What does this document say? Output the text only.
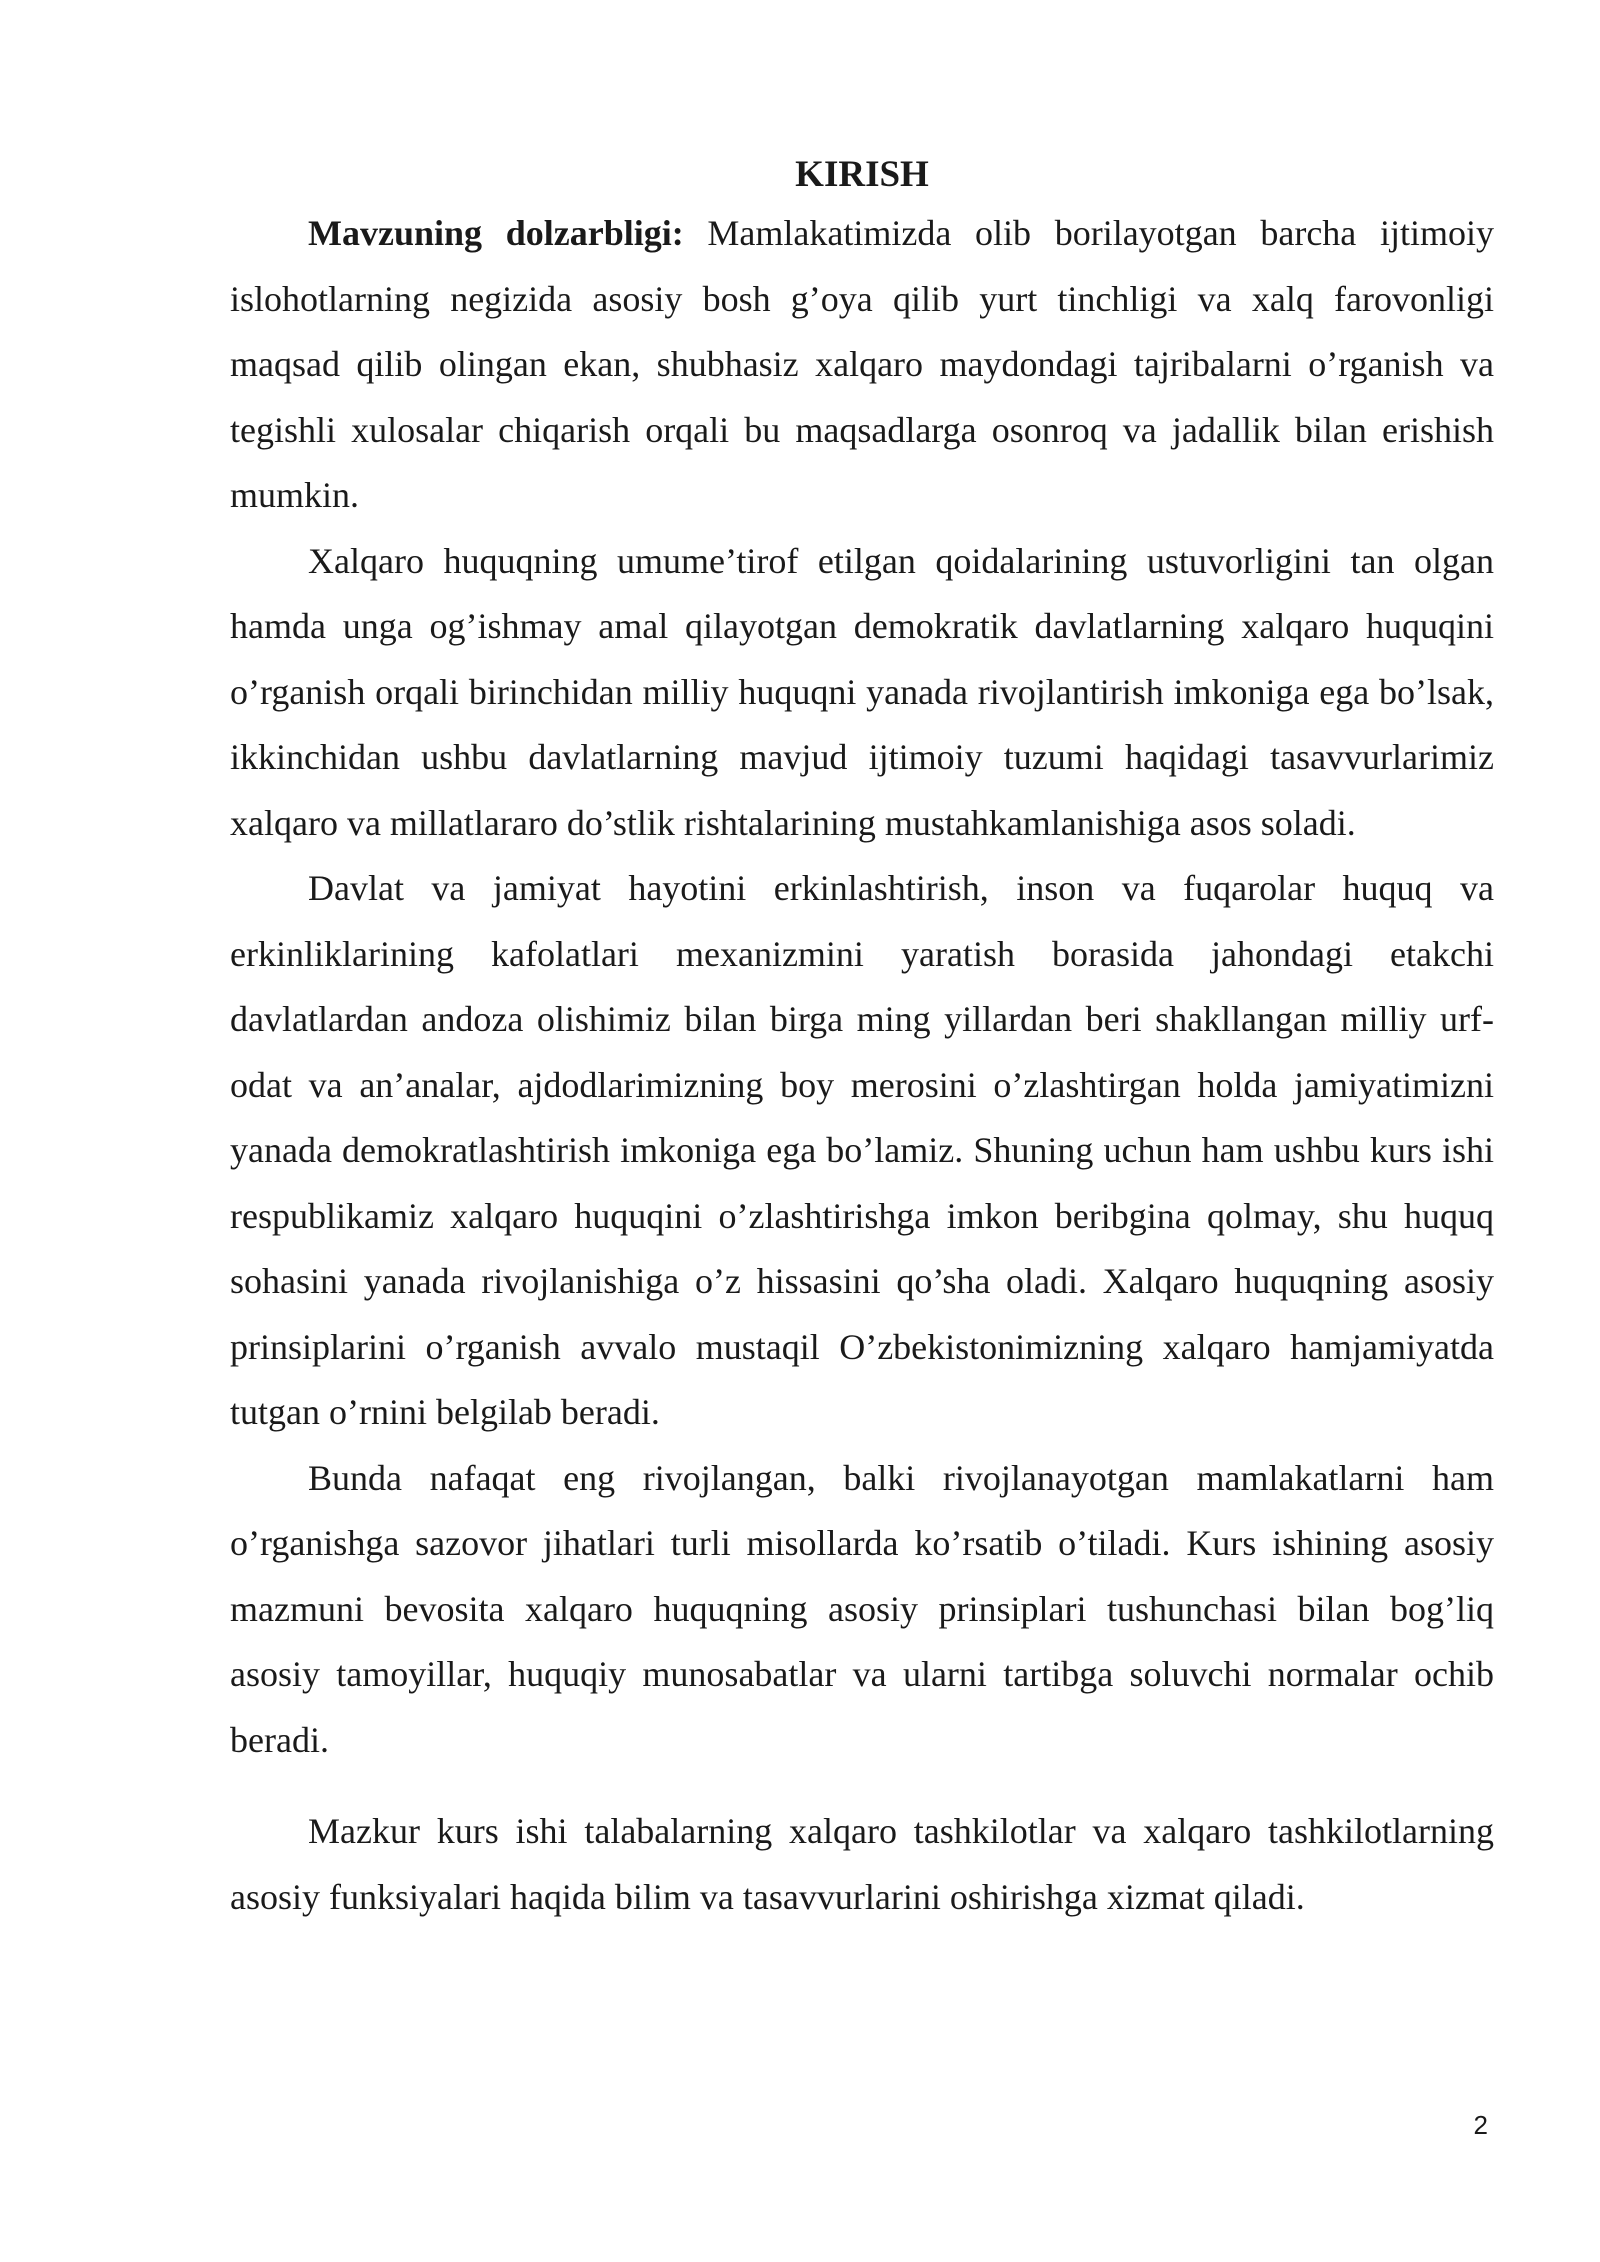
KIRISH

Mavzuning dolzarbligi: Mamlakatimizda olib borilayotgan barcha ijtimoiy islohotlarning negizida asosiy bosh g’oya qilib yurt tinchligi va xalq farovonligi maqsad qilib olingan ekan, shubhasiz xalqaro maydondagi tajribalarni o’rganish va tegishli xulosalar chiqarish orqali bu maqsadlarga osonroq va jadallik bilan erishish mumkin.

Xalqaro huquqning umume’tirof etilgan qoidalarining ustuvorligini tan olgan hamda unga og’ishmay amal qilayotgan demokratik davlatlarning xalqaro huquqini o’rganish orqali birinchidan milliy huquqni yanada rivojlantirish imkoniga ega bo’lsak, ikkinchidan ushbu davlatlarning mavjud ijtimoiy tuzumi haqidagi tasavvurlarimiz xalqaro va millatlararo do’stlik rishtalarining mustahkamlanishiga asos soladi.

Davlat va jamiyat hayotini erkinlashtirish, inson va fuqarolar huquq va erkinliklarining kafolatlari mexanizmini yaratish borasida jahondagi etakchi davlatlardan andoza olishimiz bilan birga ming yillardan beri shakllangan milliy urf-odat va an’analar, ajdodlarimizning boy merosini o’zlashtirgan holda jamiyatimizni yanada demokratlashtirish imkoniga ega bo’lamiz. Shuning uchun ham ushbu kurs ishi respublikamiz xalqaro huquqini o’zlashtirishga imkon beribgina qolmay, shu huquq sohasini yanada rivojlanishiga o’z hissasini qo’sha oladi. Xalqaro huquqning asosiy prinsiplarini o’rganish avvalo mustaqil O’zbekistonimizning xalqaro hamjamiyatda tutgan o’rnini belgilab beradi.

Bunda nafaqat eng rivojlangan, balki rivojlanayotgan mamlakatlarni ham o’rganishga sazovor jihatlari turli misollarda ko’rsatib o’tiladi. Kurs ishining asosiy mazmuni bevosita xalqaro huquqning asosiy prinsiplari tushunchasi bilan bog’liq asosiy tamoyillar, huquqiy munosabatlar va ularni tartibga soluvchi normalar ochib beradi.

Mazkur kurs ishi talabalarning xalqaro tashkilotlar va xalqaro tashkilotlarning asosiy funksiyalari haqida bilim va tasavvurlarini oshirishga xizmat qiladi.

2
